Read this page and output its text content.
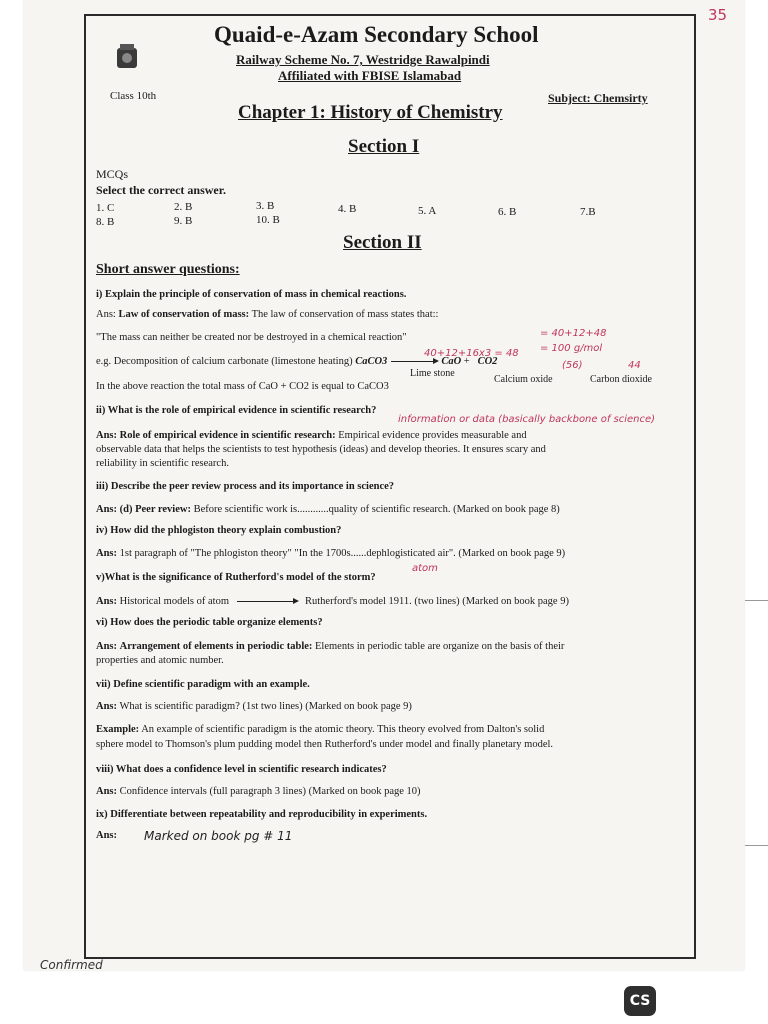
35
Quaid-e-Azam Secondary School
Railway Scheme No. 7, Westridge Rawalpindi
Affiliated with FBISE Islamabad
Class 10th	Subject: Chemsirty
Chapter 1: History of Chemistry
Section I
MCQs
Select the correct answer.
1. C	2. B	3. B	4. B	5. A	6. B	7.B
8. B	9. B	10. B
Section II
Short answer questions:
i) Explain the principle of conservation of mass in chemical reactions.
Ans: Law of conservation of mass: The law of conservation of mass states that::
"The mass can neither be created nor be destroyed in a chemical reaction"
e.g. Decomposition of calcium carbonate (limestone heating) CaCO3	CaO + CO2
Lime stone
Calcium oxide	Carbon dioxide
In the above reaction the total mass of CaO + CO2 is equal to CaCO3
= 40+12+48
= 100 g/mol
40+12+16x3 = 48
(56)	44
ii) What is the role of empirical evidence in scientific research?
information or data (basically backbone of science)
Ans: Role of empirical evidence in scientific research: Empirical evidence provides measurable and
observable data that helps the scientists to test hypothesis (ideas) and develop theories. It ensures scary and
reliability in scientific research.
iii) Describe the peer review process and its importance in science?
Ans: (d) Peer review: Before scientific work is............quality of scientific research. (Marked on book page 8)
iv) How did the phlogiston theory explain combustion?
Ans: 1st paragraph of "The phlogiston theory" "In the 1700s......dephlogisticated air". (Marked on book page 9)
atom
v)What is the significance of Rutherford's model of the storm?
Ans: Historical models of atom	Rutherford's model 1911. (two lines) (Marked on book page 9)
vi) How does the periodic table organize elements?
Ans: Arrangement of elements in periodic table: Elements in periodic table are organize on the basis of their
properties and atomic number.
vii) Define scientific paradigm with an example.
Ans: What is scientific paradigm? (1st two lines) (Marked on book page 9)
Example: An example of scientific paradigm is the atomic theory. This theory evolved from Dalton's solid
sphere model to Thomson's plum pudding model then Rutherford's under model and finally planetary model.
viii) What does a confidence level in scientific research indicates?
Ans: Confidence intervals (full paragraph 3 lines) (Marked on book page 10)
ix) Differentiate between repeatability and reproducibility in experiments.
Ans: Marked on book pg # 11
Confirmed
CS
